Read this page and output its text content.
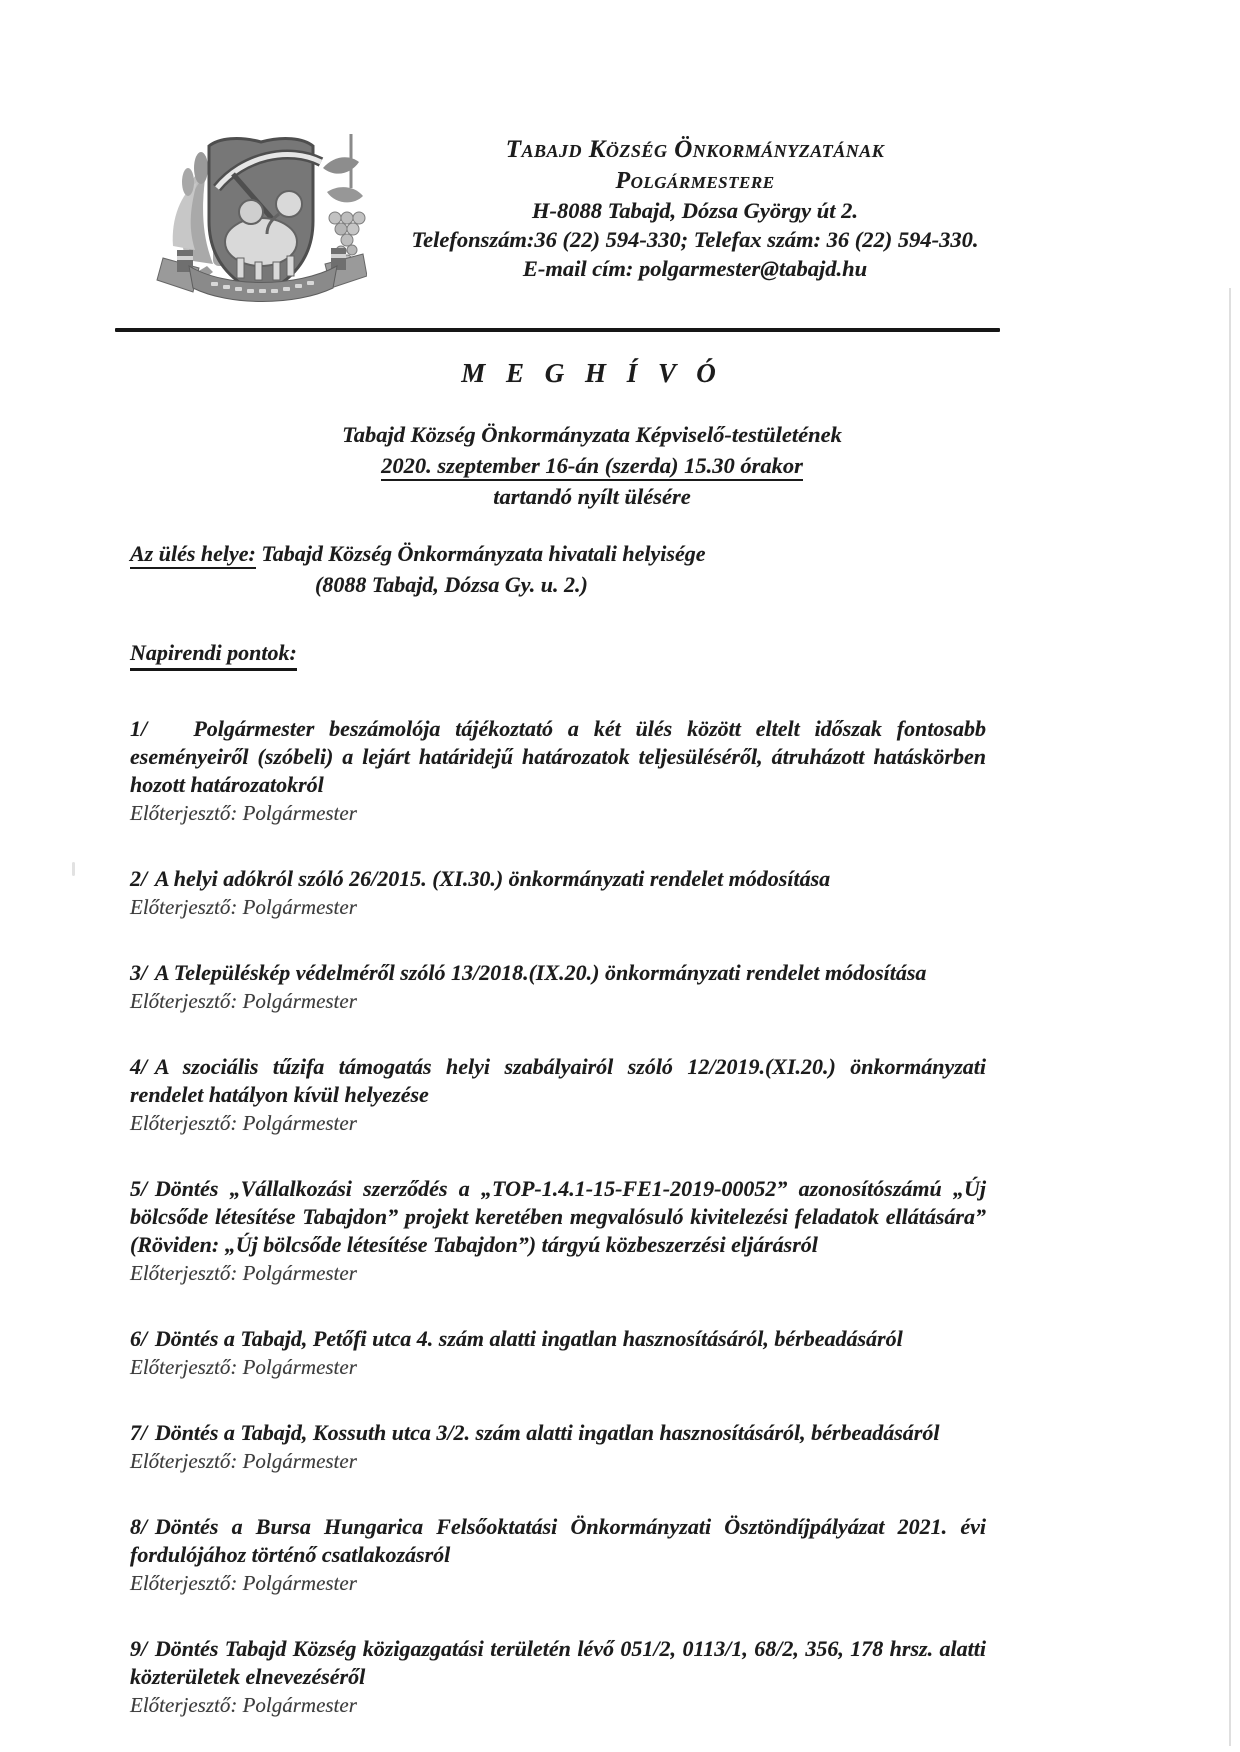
Tabajd Község Önkormányzatának
Polgármestere
H-8088 Tabajd, Dózsa György út 2.
Telefonszám:36 (22) 594-330; Telefax szám: 36 (22) 594-330.
E-mail cím: polgarmester@tabajd.hu

M E G H Í V Ó

Tabajd Község Önkormányzata Képviselő-testületének
2020. szeptember 16-án (szerda) 15.30 órakor
tartandó nyílt ülésére

Az ülés helye: Tabajd Község Önkormányzata hivatali helyisége

(8088 Tabajd, Dózsa Gy. u. 2.)

Napirendi pontok:

1/ Polgármester beszámolója tájékoztató a két ülés között eltelt időszak fontosabb eseményeiről (szóbeli) a lejárt határidejű határozatok teljesüléséről, átruházott hatáskörben hozott határozatokról

Előterjesztő: Polgármester

2/ A helyi adókról szóló 26/2015. (XI.30.) önkormányzati rendelet módosítása

Előterjesztő: Polgármester

3/ A Településkép védelméről szóló 13/2018.(IX.20.) önkormányzati rendelet módosítása

Előterjesztő: Polgármester

4/ A szociális tűzifa támogatás helyi szabályairól szóló 12/2019.(XI.20.) önkormányzati rendelet hatályon kívül helyezése

Előterjesztő: Polgármester

5/ Döntés „Vállalkozási szerződés a „TOP-1.4.1-15-FE1-2019-00052” azonosítószámú „Új bölcsőde létesítése Tabajdon” projekt keretében megvalósuló kivitelezési feladatok ellátására” (Röviden: „Új bölcsőde létesítése Tabajdon”) tárgyú közbeszerzési eljárásról

Előterjesztő: Polgármester

6/ Döntés a Tabajd, Petőfi utca 4. szám alatti ingatlan hasznosításáról, bérbeadásáról

Előterjesztő: Polgármester

7/ Döntés a Tabajd, Kossuth utca 3/2. szám alatti ingatlan hasznosításáról, bérbeadásáról

Előterjesztő: Polgármester

8/ Döntés a Bursa Hungarica Felsőoktatási Önkormányzati Ösztöndíjpályázat 2021. évi fordulójához történő csatlakozásról

Előterjesztő: Polgármester

9/ Döntés Tabajd Község közigazgatási területén lévő 051/2, 0113/1, 68/2, 356, 178 hrsz. alatti közterületek elnevezéséről

Előterjesztő: Polgármester
